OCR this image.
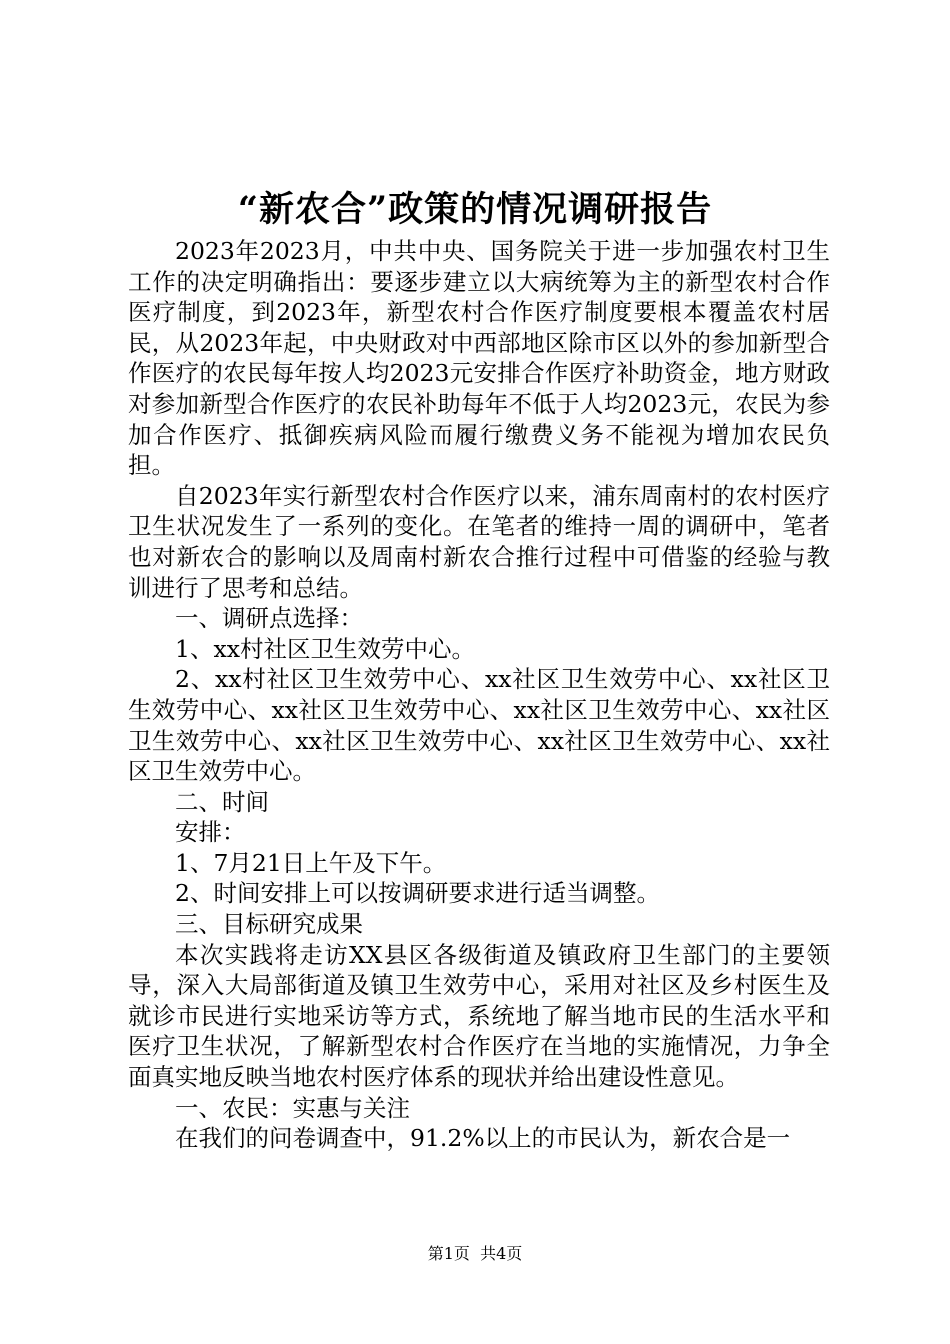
“新农合”政策的情况调研报告

2023年2023月，中共中央、国务院关于进一步加强农村卫生工作的决定明确指出：要逐步建立以大病统筹为主的新型农村合作医疗制度，到2023年，新型农村合作医疗制度要根本覆盖农村居民，从2023年起，中央财政对中西部地区除市区以外的参加新型合作医疗的农民每年按人均2023元安排合作医疗补助资金，地方财政对参加新型合作医疗的农民补助每年不低于人均2023元，农民为参加合作医疗、抵御疾病风险而履行缴费义务不能视为增加农民负担。

自2023年实行新型农村合作医疗以来，浦东周南村的农村医疗卫生状况发生了一系列的变化。在笔者的维持一周的调研中，笔者也对新农合的影响以及周南村新农合推行过程中可借鉴的经验与教训进行了思考和总结。

一、调研点选择：

1、xx村社区卫生效劳中心。

2、xx村社区卫生效劳中心、xx社区卫生效劳中心、xx社区卫生效劳中心、xx社区卫生效劳中心、xx社区卫生效劳中心、xx社区卫生效劳中心、xx社区卫生效劳中心、xx社区卫生效劳中心、xx社区卫生效劳中心。

二、时间

安排：

1、7月21日上午及下午。

2、时间安排上可以按调研要求进行适当调整。

三、目标研究成果

本次实践将走访XX县区各级街道及镇政府卫生部门的主要领导，深入大局部街道及镇卫生效劳中心，采用对社区及乡村医生及就诊市民进行实地采访等方式，系统地了解当地市民的生活水平和医疗卫生状况，了解新型农村合作医疗在当地的实施情况，力争全面真实地反映当地农村医疗体系的现状并给出建设性意见。

一、农民：实惠与关注

在我们的问卷调查中，91.2%以上的市民认为，新农合是一

第1页 共4页
